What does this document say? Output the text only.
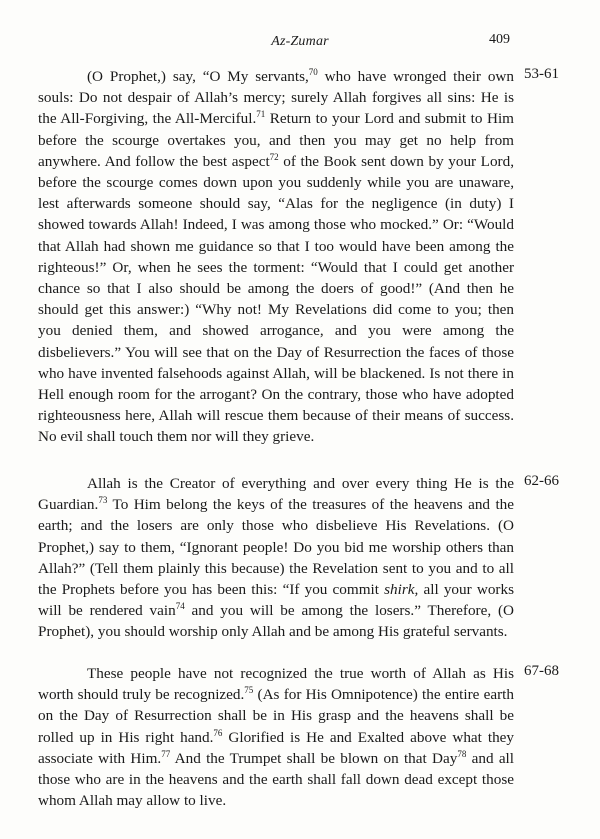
Az-Zumar	409

(O Prophet,) say, “O My servants,$^{70}$ who have wronged their own souls: Do not despair of Allah’s mercy; surely Allah forgives all sins: He is the All-Forgiving, the All-Merciful.$^{71}$ Return to your Lord and submit to Him before the scourge overtakes you, and then you may get no help from anywhere. And follow the best aspect$^{72}$ of the Book sent down by your Lord, before the scourge comes down upon you suddenly while you are unaware, lest afterwards someone should say, “Alas for the negligence (in duty) I showed towards Allah! Indeed, I was among those who mocked.” Or: “Would that Allah had shown me guidance so that I too would have been among the righteous!” Or, when he sees the torment: “Would that I could get another chance so that I also should be among the doers of good!” (And then he should get this answer:) “Why not! My Revelations did come to you; then you denied them, and showed arrogance, and you were among the disbelievers.” You will see that on the Day of Resurrection the faces of those who have invented falsehoods against Allah, will be blackened. Is not there in Hell enough room for the arrogant? On the contrary, those who have adopted righteousness here, Allah will rescue them because of their means of success. No evil shall touch them nor will they grieve.

53-61

Allah is the Creator of everything and over every thing He is the Guardian.$^{73}$ To Him belong the keys of the treasures of the heavens and the earth; and the losers are only those who disbelieve His Revelations. (O Prophet,) say to them, “Ignorant people! Do you bid me worship others than Allah?” (Tell them plainly this because) the Revelation sent to you and to all the Prophets before you has been this: “If you commit shirk, all your works will be rendered vain$^{74}$ and you will be among the losers.” Therefore, (O Prophet), you should worship only Allah and be among His grateful servants.

62-66

These people have not recognized the true worth of Allah as His worth should truly be recognized.$^{75}$ (As for His Omnipotence) the entire earth on the Day of Resurrection shall be in His grasp and the heavens shall be rolled up in His right hand.$^{76}$ Glorified is He and Exalted above what they associate with Him.$^{77}$ And the Trumpet shall be blown on that Day$^{78}$ and all those who are in the heavens and the earth shall fall down dead except those whom Allah may allow to live.

67-68
